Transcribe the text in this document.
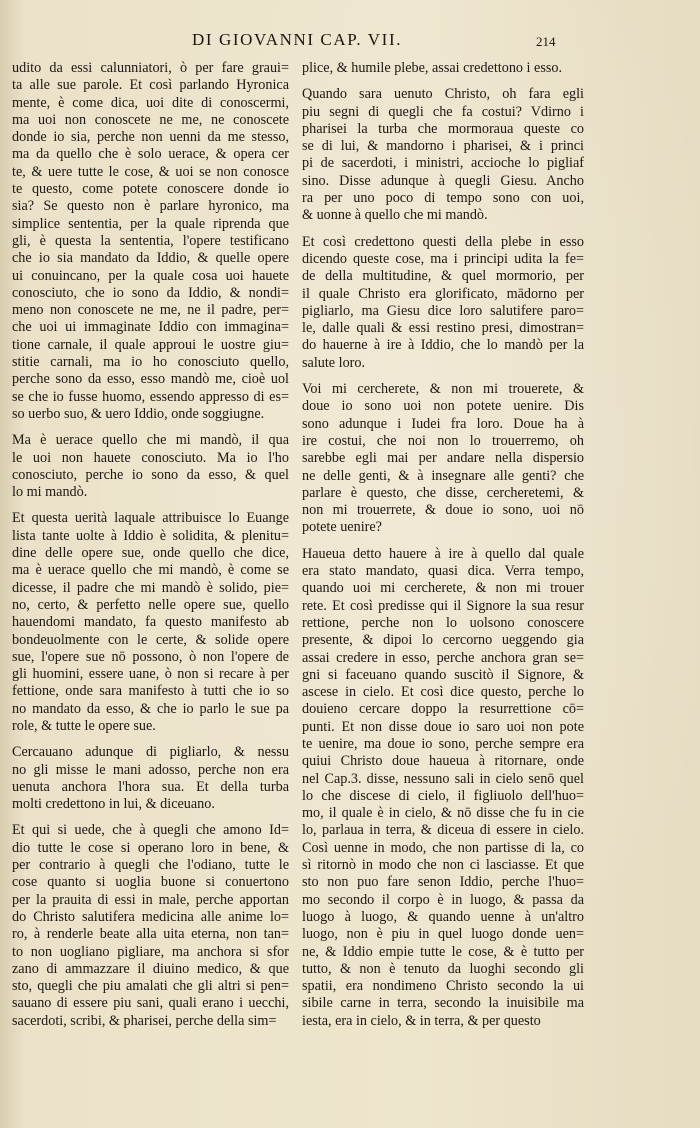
DI GIOVANNI CAP. VII.	214
udito da essi calunniatori, ò per fare graui=
ta alle sue parole. Et così parlando Hyronica
mente, è come dica, uoi dite di conoscermi,
ma uoi non conoscete ne me, ne conoscete
donde io sia, perche non uenni da me stesso,
ma da quello che è solo uerace, & opera cer
te, & uere tutte le cose, & uoi se non conosce
te questo, come potete conoscere donde io
sia? Se questo non è parlare hyronico, ma
simplice sententia, per la quale riprenda que
gli, è questa la sententia, l'opere testificano
che io sia mandato da Iddio, & quelle opere
ui conuincano, per la quale cosa uoi hauete
conosciuto, che io sono da Iddio, & nondi=
meno non conoscete ne me, ne il padre, per=
che uoi ui immaginate Iddio con immagina=
tione carnale, il quale approui le uostre giu=
stitie carnali, ma io ho conosciuto quello,
perche sono da esso, esso mandò me, cioè uol
se che io fusse huomo, essendo appresso di es=
so uerbo suo, & uero Iddio, onde soggiugne.
Ma è uerace quello che mi mandò, il qua
le uoi non hauete conosciuto. Ma io l'ho
conosciuto, perche io sono da esso, & quel
lo mi mandò.
Et questa uerità laquale attribuisce lo Euange
lista tante uolte à Iddio è solidita, & plenitu=
dine delle opere sue, onde quello che dice,
ma è uerace quello che mi mandò, è come se
dicesse, il padre che mi mandò è solido, pie=
no, certo, & perfetto nelle opere sue, quello
hauendomi mandato, fa questo manifesto ab
bondeuolmente con le certe, & solide opere
sue, l'opere sue nō possono, ò non l'opere de
gli huomini, essere uane, ò non si recare à per
fettione, onde sara manifesto à tutti che io so
no mandato da esso, & che io parlo le sue pa
role, & tutte le opere sue.
Cercauano adunque di pigliarlo, & nessu
no gli misse le mani adosso, perche non era
uenuta anchora l'hora sua. Et della turba
molti credettono in lui, & diceuano.
Et qui si uede, che à quegli che amono Id=
dio tutte le cose si operano loro in bene, &
per contrario à quegli che l'odiano, tutte le
cose quanto si uoglia buone si conuertono
per la prauita di essi in male, perche apportan
do Christo salutifera medicina alle anime lo=
ro, à renderle beate alla uita eterna, non tan=
to non uogliano pigliare, ma anchora si sfor
zano di ammazzare il diuino medico, & que
sto, quegli che piu amalati che gli altri si pen=
sauano di essere piu sani, quali erano i uecchi,
sacerdoti, scribi, & pharisei, perche della sim=
plice, & humile plebe, assai credettono i esso.
Quando sara uenuto Christo, oh fara egli
piu segni di quegli che fa costui? Vdirno i
pharisei la turba che mormoraua queste co
se di lui, & mandorno i pharisei, & i princi
pi de sacerdoti, i ministri, accioche lo pigliaf
sino. Disse adunque à quegli Giesu. Ancho
ra per uno poco di tempo sono con uoi,
& uonne à quello che mi mandò.
Et così credettono questi della plebe in esso
dicendo queste cose, ma i principi udita la fe=
de della multitudine, & quel mormorio, per
il quale Christo era glorificato, mādorno per
pigliarlo, ma Giesu dice loro salutifere paro=
le, dalle quali & essi restino presi, dimostran=
do hauerne à ire à Iddio, che lo mandò per la
salute loro.
Voi mi cercherete, & non mi trouerete, &
doue io sono uoi non potete uenire. Dis
sono adunque i Iudei fra loro. Doue ha à
ire costui, che noi non lo trouerremo, oh
sarebbe egli mai per andare nella dispersio
ne delle genti, & à insegnare alle genti? che
parlare è questo, che disse, cercheretemi, &
non mi trouerrete, & doue io sono, uoi nō
potete uenire?
Haueua detto hauere à ire à quello dal quale
era stato mandato, quasi dica. Verra tempo,
quando uoi mi cercherete, & non mi trouer
rete. Et così predisse qui il Signore la sua resur
rettione, perche non lo uolsono conoscere
presente, & dipoi lo cercorno ueggendo gia
assai credere in esso, perche anchora gran se=
gni si faceuano quando suscitò il Signore, &
ascese in cielo. Et così dice questo, perche lo
douieno cercare doppo la resurrettione cō=
punti. Et non disse doue io saro uoi non pote
te uenire, ma doue io sono, perche sempre era
quiui Christo doue haueua à ritornare, onde
nel Cap.3. disse, nessuno sali in cielo senō quel
lo che discese di cielo, il figliuolo dell'huo=
mo, il quale è in cielo, & nō disse che fu in cie
lo, parlaua in terra, & diceua di essere in cielo.
Così uenne in modo, che non partisse di la, co
sì ritornò in modo che non ci lasciasse. Et que
sto non puo fare senon Iddio, perche l'huo=
mo secondo il corpo è in luogo, & passa da
luogo à luogo, & quando uenne à un'altro
luogo, non è piu in quel luogo donde uen=
ne, & Iddio empie tutte le cose, & è tutto per
tutto, & non è tenuto da luoghi secondo gli
spatii, era nondimeno Christo secondo la ui
sibile carne in terra, secondo la inuisibile ma
iesta, era in cielo, & in terra, & per questo
